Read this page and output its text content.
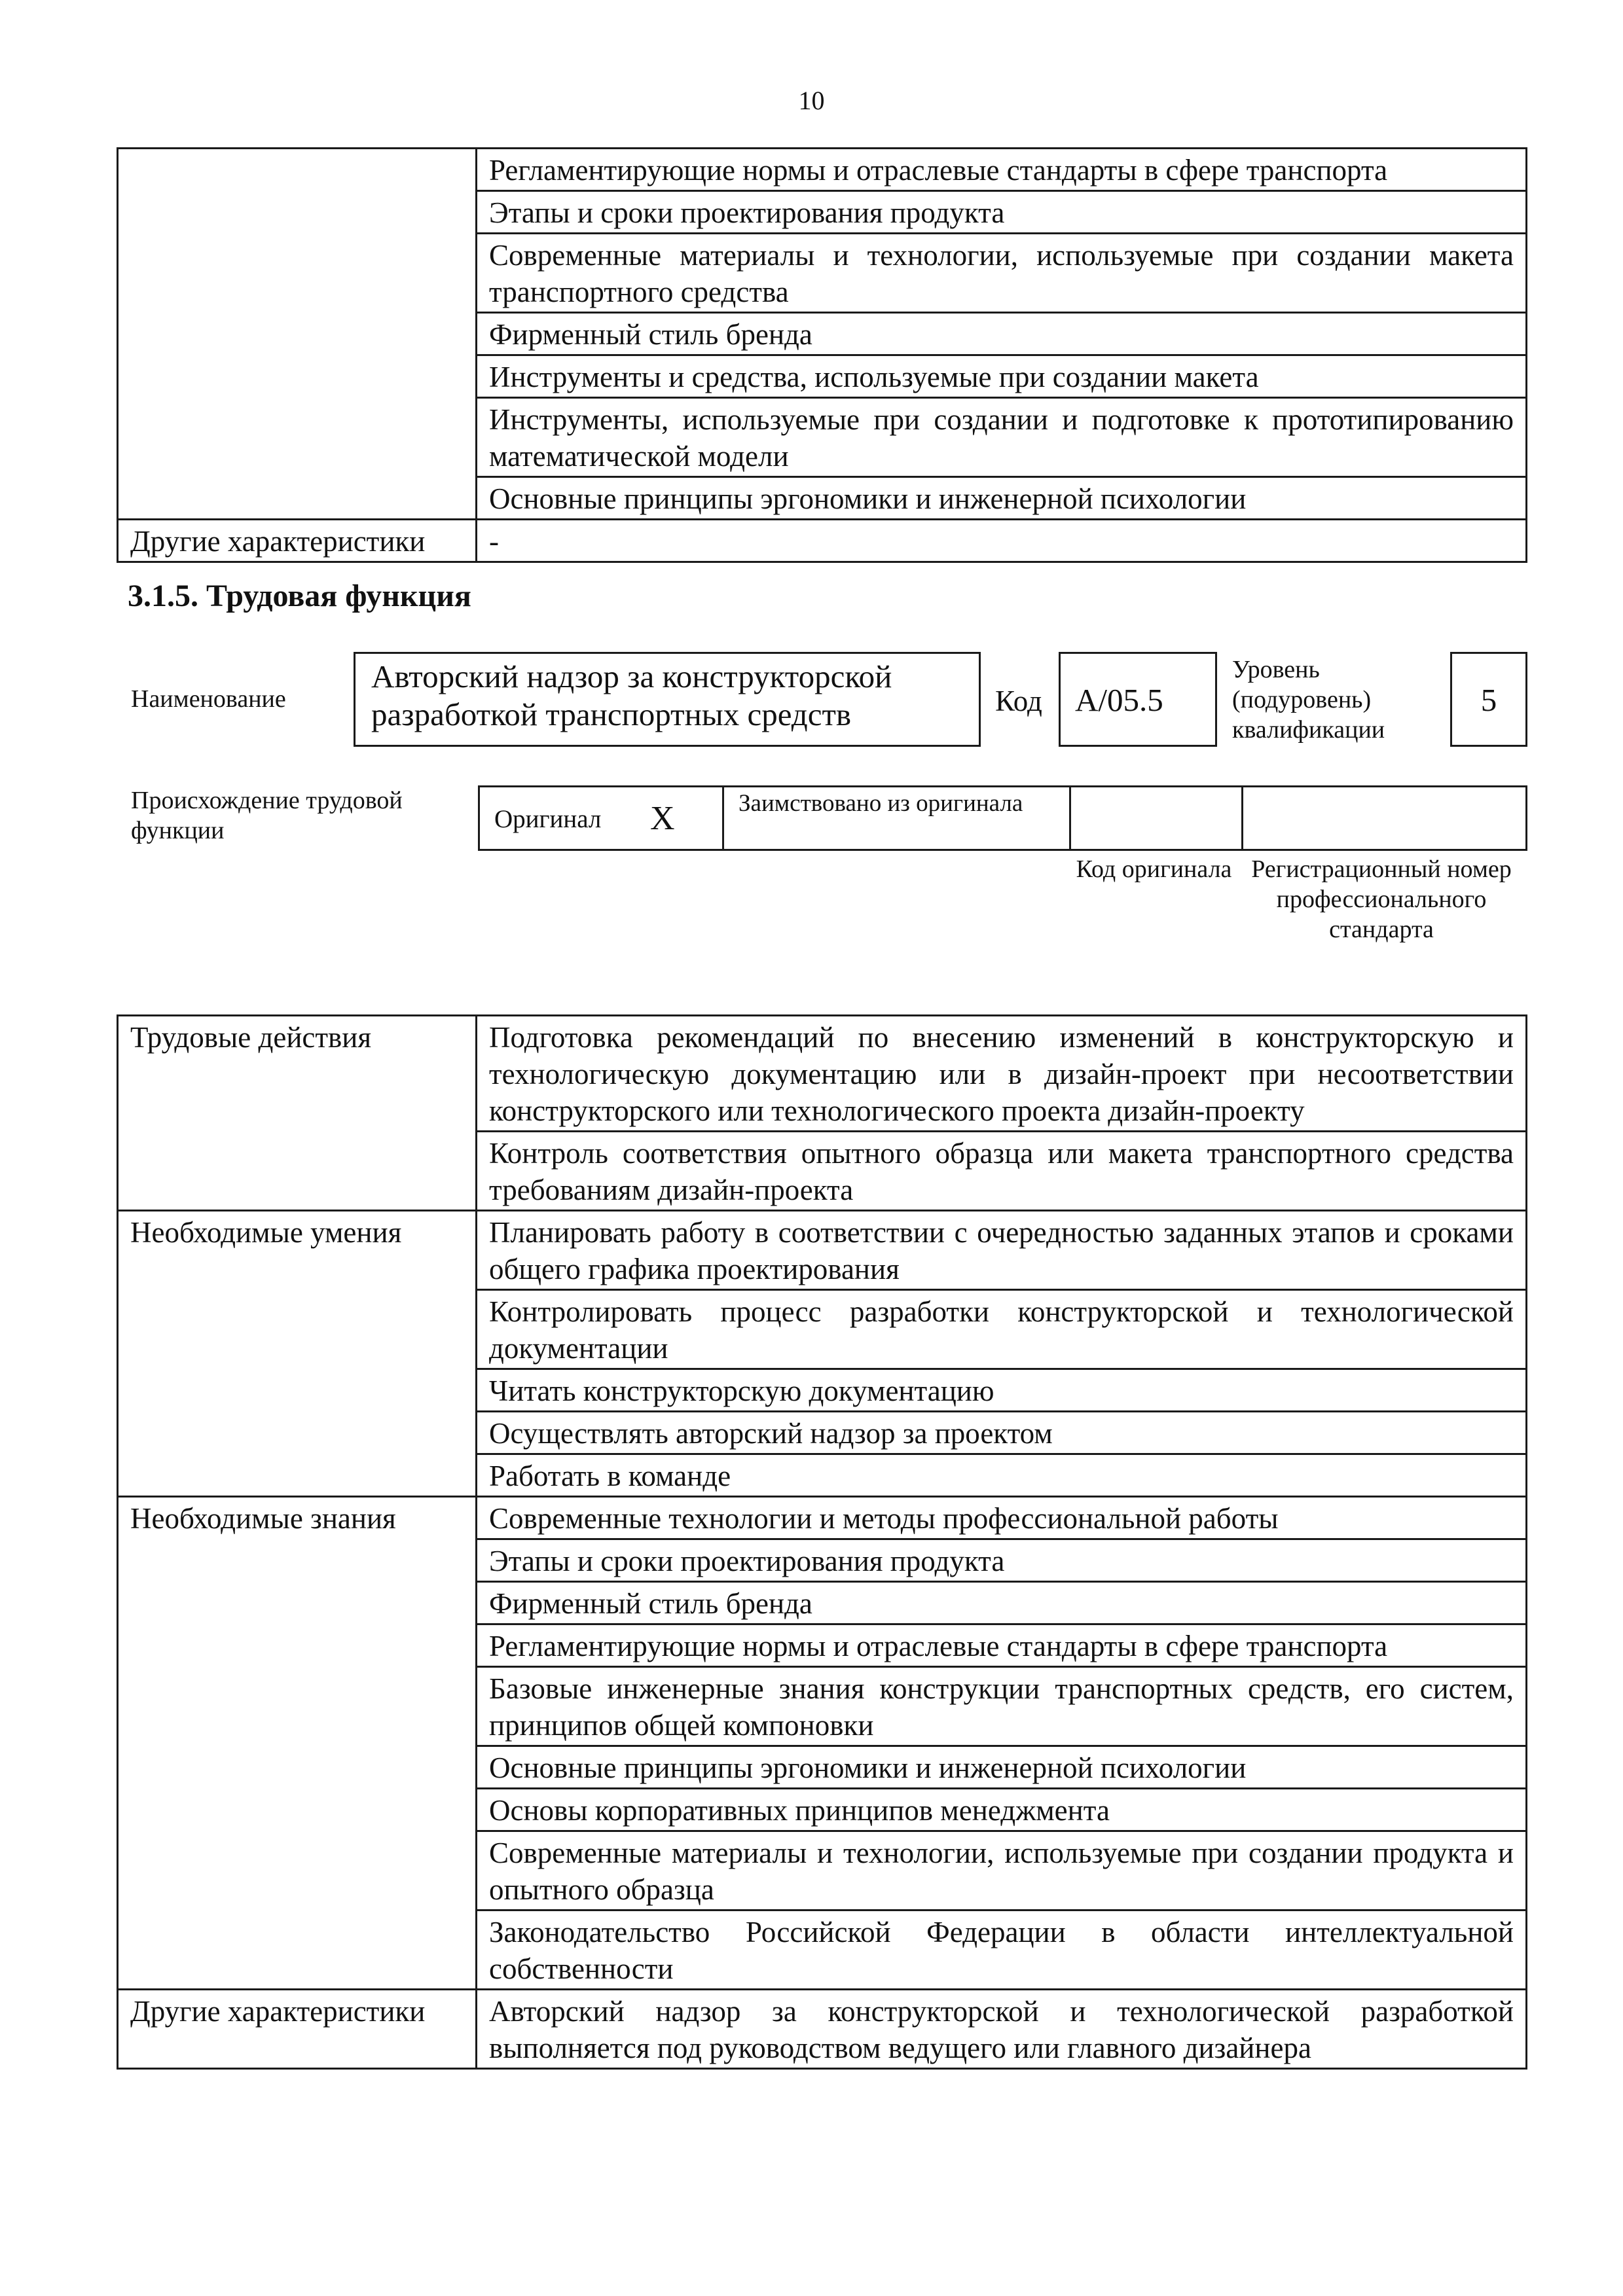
10
	Регламентирующие нормы и отраслевые стандарты в сфере транспорта
	Этапы и сроки проектирования продукта
	Современные материалы и технологии, используемые при создании макета транспортного средства
	Фирменный стиль бренда
	Инструменты и средства, используемые при создании макета
	Инструменты, используемые при создании и подготовке к прототипированию математической модели
	Основные принципы эргономики и инженерной психологии
Другие характеристики	-
3.1.5. Трудовая функция
Наименование
Авторский надзор за конструкторской разработкой транспортных средств	Код A/05.5
Уровень (подуровень) квалификации
5
Происхождение трудовой функции	Оригинал X	Заимствовано из оригинала
Код оригинала Регистрационный номер профессионального стандарта
Трудовые действия	Подготовка рекомендаций по внесению изменений в конструкторскую и технологическую документацию или в дизайн-проект при несоответствии конструкторского или технологического проекта дизайн-проекту
	Контроль соответствия опытного образца или макета транспортного средства требованиям дизайн-проекта
Необходимые умения	Планировать работу в соответствии с очередностью заданных этапов и сроками общего графика проектирования
	Контролировать процесс разработки конструкторской и технологической документации
	Читать конструкторскую документацию
	Осуществлять авторский надзор за проектом
	Работать в команде
Необходимые знания	Современные технологии и методы профессиональной работы
	Этапы и сроки проектирования продукта
	Фирменный стиль бренда
	Регламентирующие нормы и отраслевые стандарты в сфере транспорта
	Базовые инженерные знания конструкции транспортных средств, его систем, принципов общей компоновки
	Основные принципы эргономики и инженерной психологии
	Основы корпоративных принципов менеджмента
	Современные материалы и технологии, используемые при создании продукта и опытного образца
	Законодательство Российской Федерации в области интеллектуальной собственности
Другие характеристики	Авторский надзор за конструкторской и технологической разработкой выполняется под руководством ведущего или главного дизайнера
